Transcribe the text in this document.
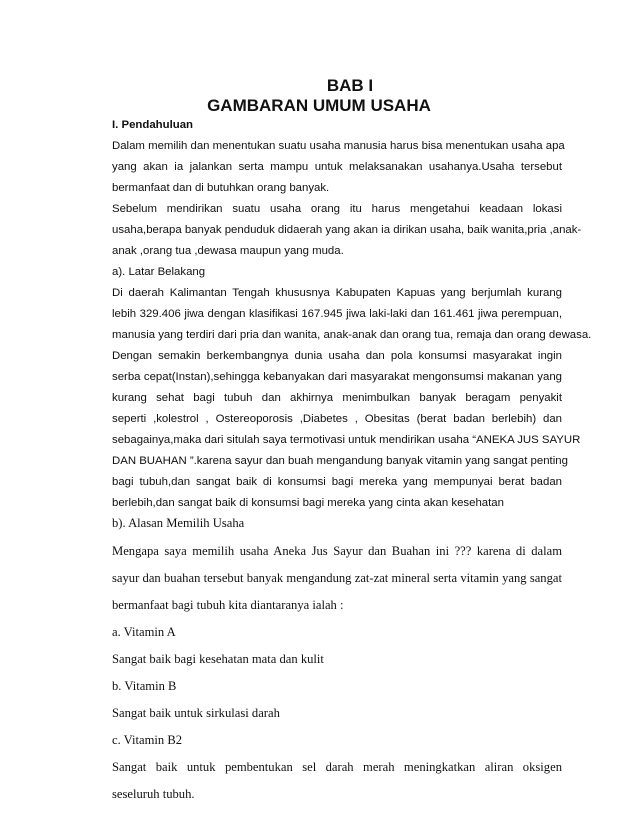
BAB I

GAMBARAN UMUM USAHA

I. Pendahuluan

Dalam memilih dan menentukan suatu usaha manusia harus bisa menentukan usaha apa

yang akan ia jalankan serta mampu untuk melaksanakan usahanya.Usaha tersebut

bermanfaat dan di butuhkan orang banyak.

Sebelum mendirikan suatu usaha orang itu harus mengetahui keadaan lokasi

usaha,berapa banyak penduduk didaerah yang akan ia dirikan usaha, baik wanita,pria ,anak-

anak ,orang tua ,dewasa maupun yang muda.

a). Latar Belakang

Di daerah Kalimantan Tengah khususnya Kabupaten Kapuas yang berjumlah kurang

lebih 329.406 jiwa dengan klasifikasi 167.945 jiwa laki-laki dan 161.461 jiwa perempuan,

manusia yang terdiri dari pria dan wanita, anak-anak dan orang tua, remaja dan orang dewasa.

Dengan semakin berkembangnya dunia usaha dan pola konsumsi masyarakat ingin

serba cepat(Instan),sehingga kebanyakan dari masyarakat mengonsumsi makanan yang

kurang sehat bagi tubuh dan akhirnya menimbulkan banyak beragam penyakit

seperti ,kolestrol , Ostereoporosis ,Diabetes , Obesitas (berat badan berlebih) dan

sebagainya,maka dari situlah saya termotivasi untuk mendirikan usaha “ANEKA JUS SAYUR

DAN BUAHAN ”.karena sayur dan buah mengandung banyak vitamin yang sangat penting

bagi tubuh,dan sangat baik di konsumsi bagi mereka yang mempunyai berat badan

berlebih,dan sangat baik di konsumsi bagi mereka yang cinta akan kesehatan

b). Alasan Memilih Usaha

Mengapa saya memilih usaha Aneka Jus Sayur dan Buahan ini ??? karena di dalam

sayur dan buahan tersebut banyak mengandung zat-zat mineral serta vitamin yang sangat

bermanfaat bagi tubuh kita diantaranya ialah :

a. Vitamin A

Sangat baik bagi kesehatan mata dan kulit

b. Vitamin B

Sangat baik untuk sirkulasi darah

c. Vitamin B2

Sangat baik untuk pembentukan sel darah merah meningkatkan aliran oksigen

seseluruh tubuh.
